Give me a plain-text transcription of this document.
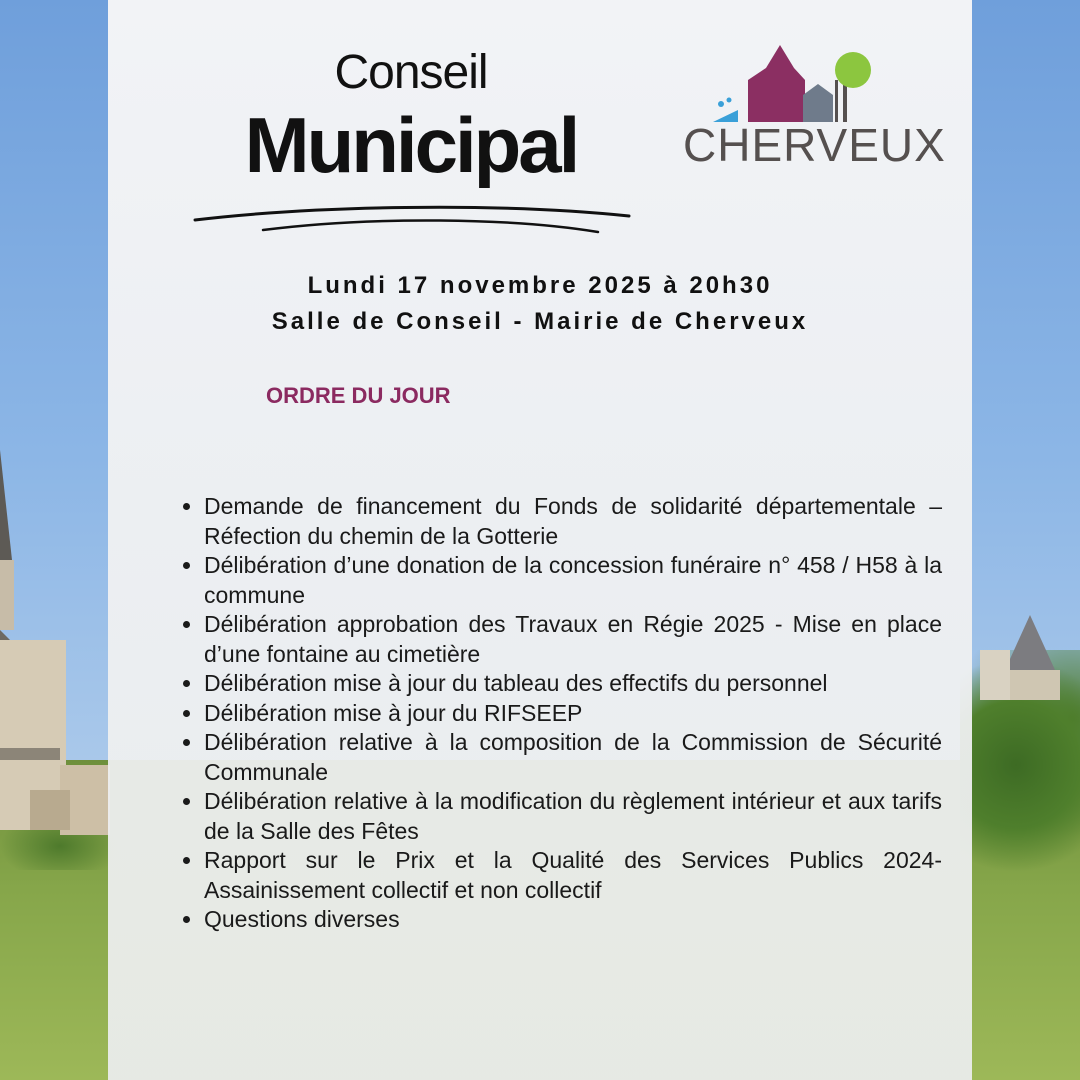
Conseil
Municipal	CHERVEUX
Lundi 17 novembre 2025 à 20h30
Salle de Conseil - Mairie de Cherveux
ORDRE DU JOUR
• Demande de financement du Fonds de solidarité départementale – Réfection du chemin de la Gotterie
• Délibération d’une donation de la concession funéraire n° 458 / H58 à la commune
• Délibération approbation des Travaux en Régie 2025 - Mise en place d’une fontaine au cimetière
• Délibération mise à jour du tableau des effectifs du personnel
• Délibération mise à jour du RIFSEEP
• Délibération relative à la composition de la Commission de Sécurité Communale
• Délibération relative à la modification du règlement intérieur et aux tarifs de la Salle des Fêtes
• Rapport sur le Prix et la Qualité des Services Publics 2024- Assainissement collectif et non collectif
• Questions diverses
